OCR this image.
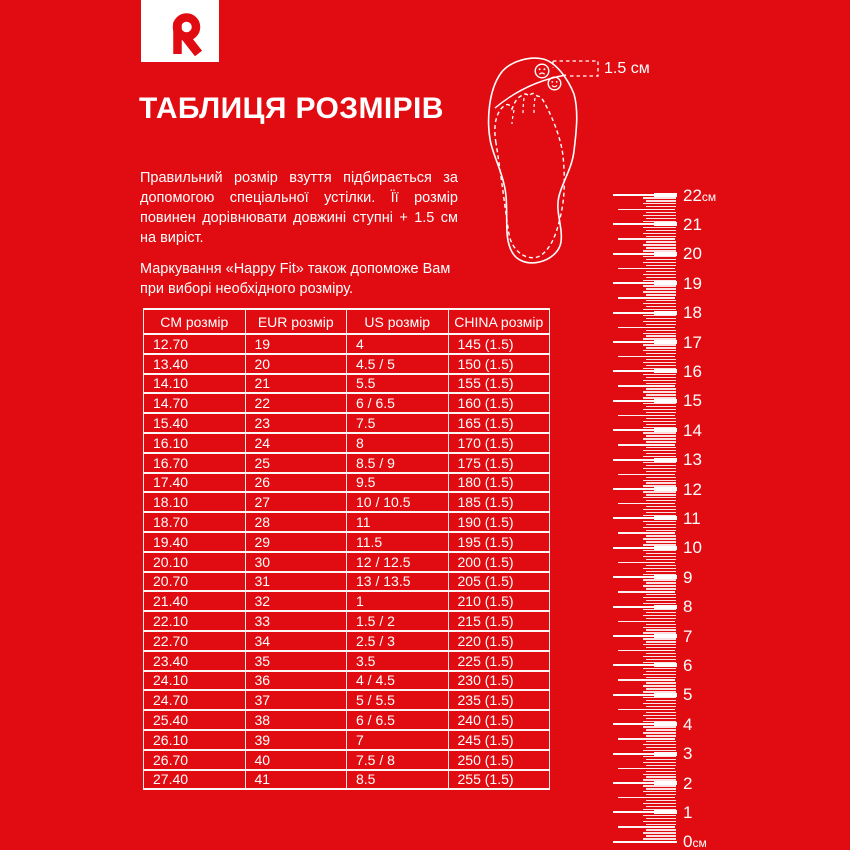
ТАБЛИЦЯ РОЗМІРІВ

Правильний розмір взуття підбирається за допомогою спеціальної устілки. Її розмір повинен дорівнювати довжині ступні + 1.5 см на виріст.

Маркування «Happy Fit» також допоможе Вам при виборі необхідного розміру.

1.5 см
22см
21
20
19
18
17
16
15
14
13
12
11
10
9
8
7
6
5
4
3
2
1
0см
CM розмір	EUR розмір	US розмір	CHINA розмір
12.70	19	4	145 (1.5)
13.40	20	4.5 / 5	150 (1.5)
14.10	21	5.5	155 (1.5)
14.70	22	6 / 6.5	160 (1.5)
15.40	23	7.5	165 (1.5)
16.10	24	8	170 (1.5)
16.70	25	8.5 / 9	175 (1.5)
17.40	26	9.5	180 (1.5)
18.10	27	10 / 10.5	185 (1.5)
18.70	28	11	190 (1.5)
19.40	29	11.5	195 (1.5)
20.10	30	12 / 12.5	200 (1.5)
20.70	31	13 / 13.5	205 (1.5)
21.40	32	1	210 (1.5)
22.10	33	1.5 / 2	215 (1.5)
22.70	34	2.5 / 3	220 (1.5)
23.40	35	3.5	225 (1.5)
24.10	36	4 / 4.5	230 (1.5)
24.70	37	5 / 5.5	235 (1.5)
25.40	38	6 / 6.5	240 (1.5)
26.10	39	7	245 (1.5)
26.70	40	7.5 / 8	250 (1.5)
27.40	41	8.5	255 (1.5)
